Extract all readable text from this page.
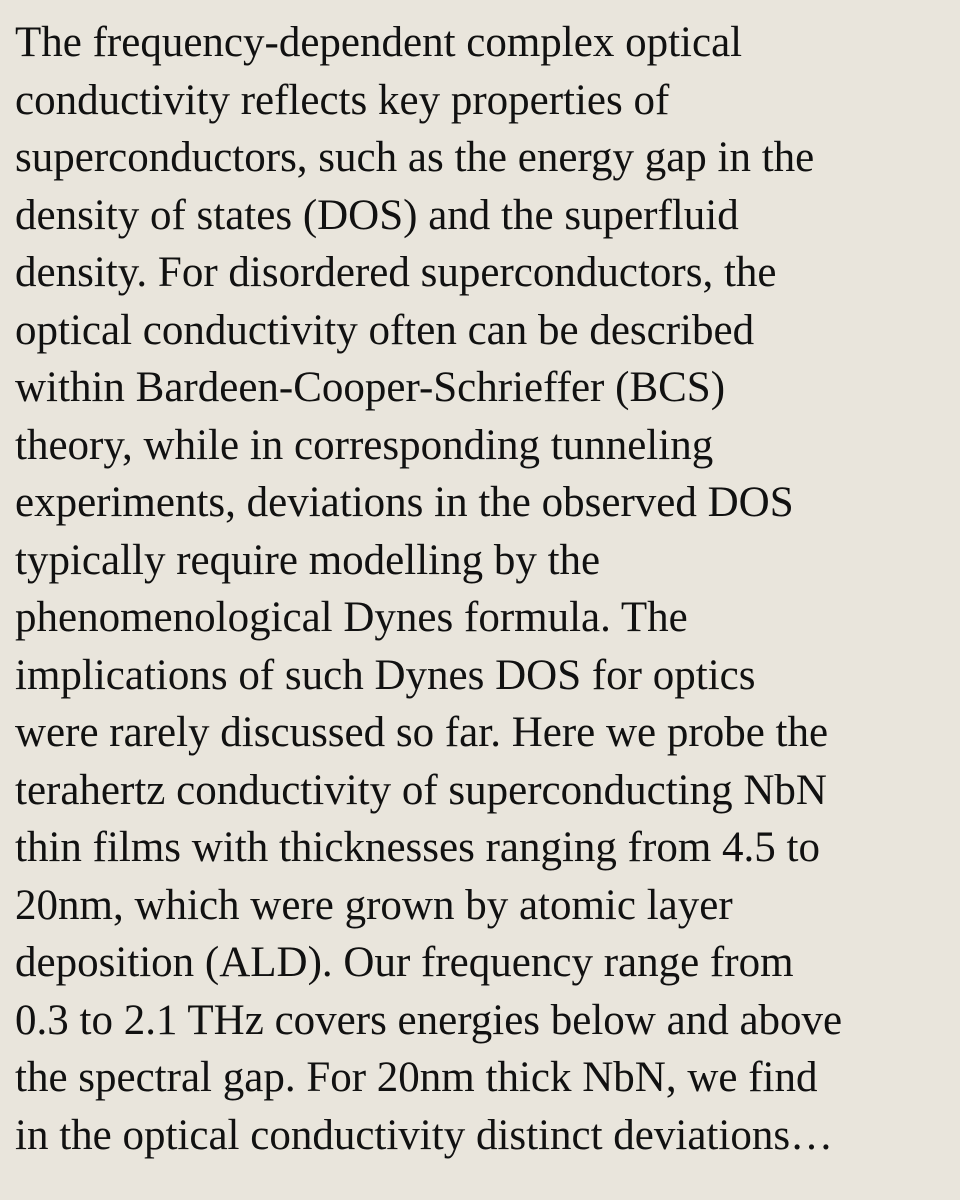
The frequency-dependent complex optical
conductivity reflects key properties of
superconductors, such as the energy gap in the
density of states (DOS) and the superfluid
density. For disordered superconductors, the
optical conductivity often can be described
within Bardeen-Cooper-Schrieffer (BCS)
theory, while in corresponding tunneling
experiments, deviations in the observed DOS
typically require modelling by the
phenomenological Dynes formula. The
implications of such Dynes DOS for optics
were rarely discussed so far. Here we probe the
terahertz conductivity of superconducting NbN
thin films with thicknesses ranging from 4.5 to
20nm, which were grown by atomic layer
deposition (ALD). Our frequency range from
0.3 to 2.1 THz covers energies below and above
the spectral gap. For 20nm thick NbN, we find
in the optical conductivity distinct deviations…
